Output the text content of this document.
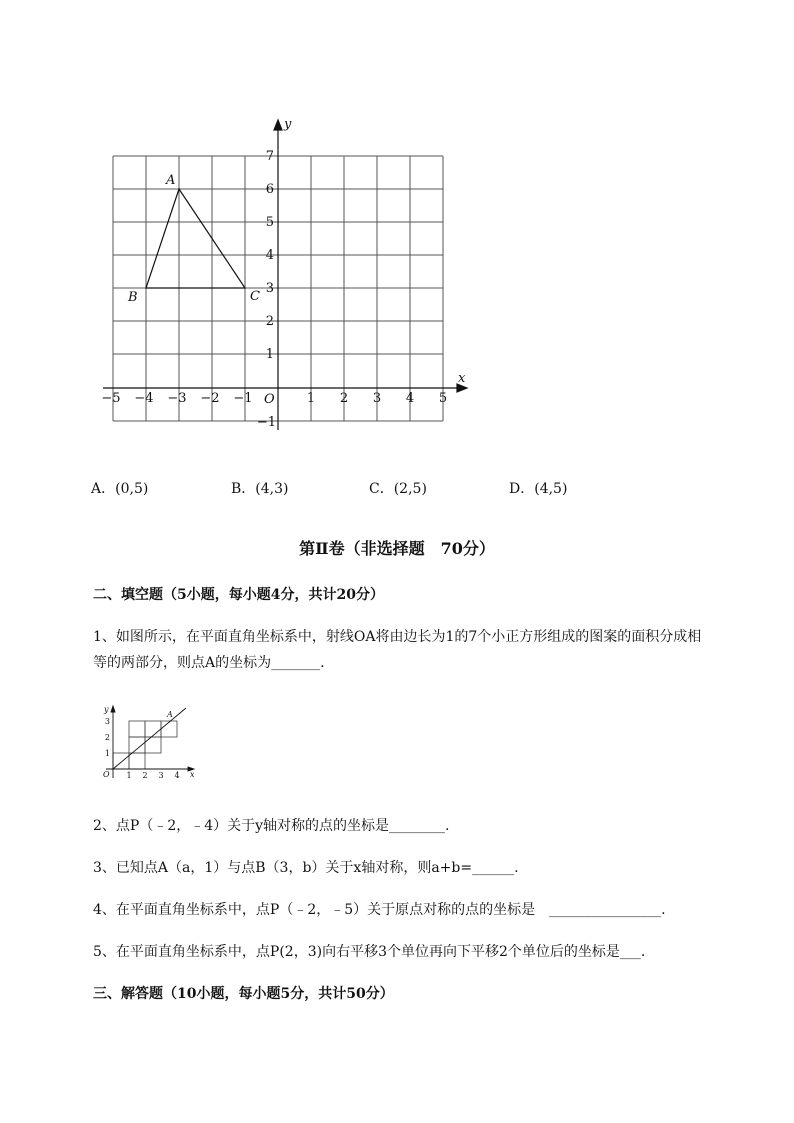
x
y
O
−5 −4 −3 −2 −1	1 2 3 4 5
7
6
5
4
3
2
1
−1
A
B	C
A．(0,5)	B．(4,3)	C．(2,5)	D．(4,5)
第Ⅱ卷（非选择题　70分）
二、填空题（5小题，每小题4分，共计20分）
1、如图所示，在平面直角坐标系中，射线OA将由边长为1的7个小正方形组成的图案的面积分成相
等的两部分，则点A的坐标为_______.
x
y
O
A
1 2 3 4
1
2
3
2、点P（﹣2，﹣4）关于y轴对称的点的坐标是________.
3、已知点A（a，1）与点B（3，b）关于x轴对称，则a+b=______.
4、在平面直角坐标系中，点P（﹣2，﹣5）关于原点对称的点的坐标是　________________.
5、在平面直角坐标系中，点P(2，3)向右平移3个单位再向下平移2个单位后的坐标是___.
三、解答题（10小题，每小题5分，共计50分）
